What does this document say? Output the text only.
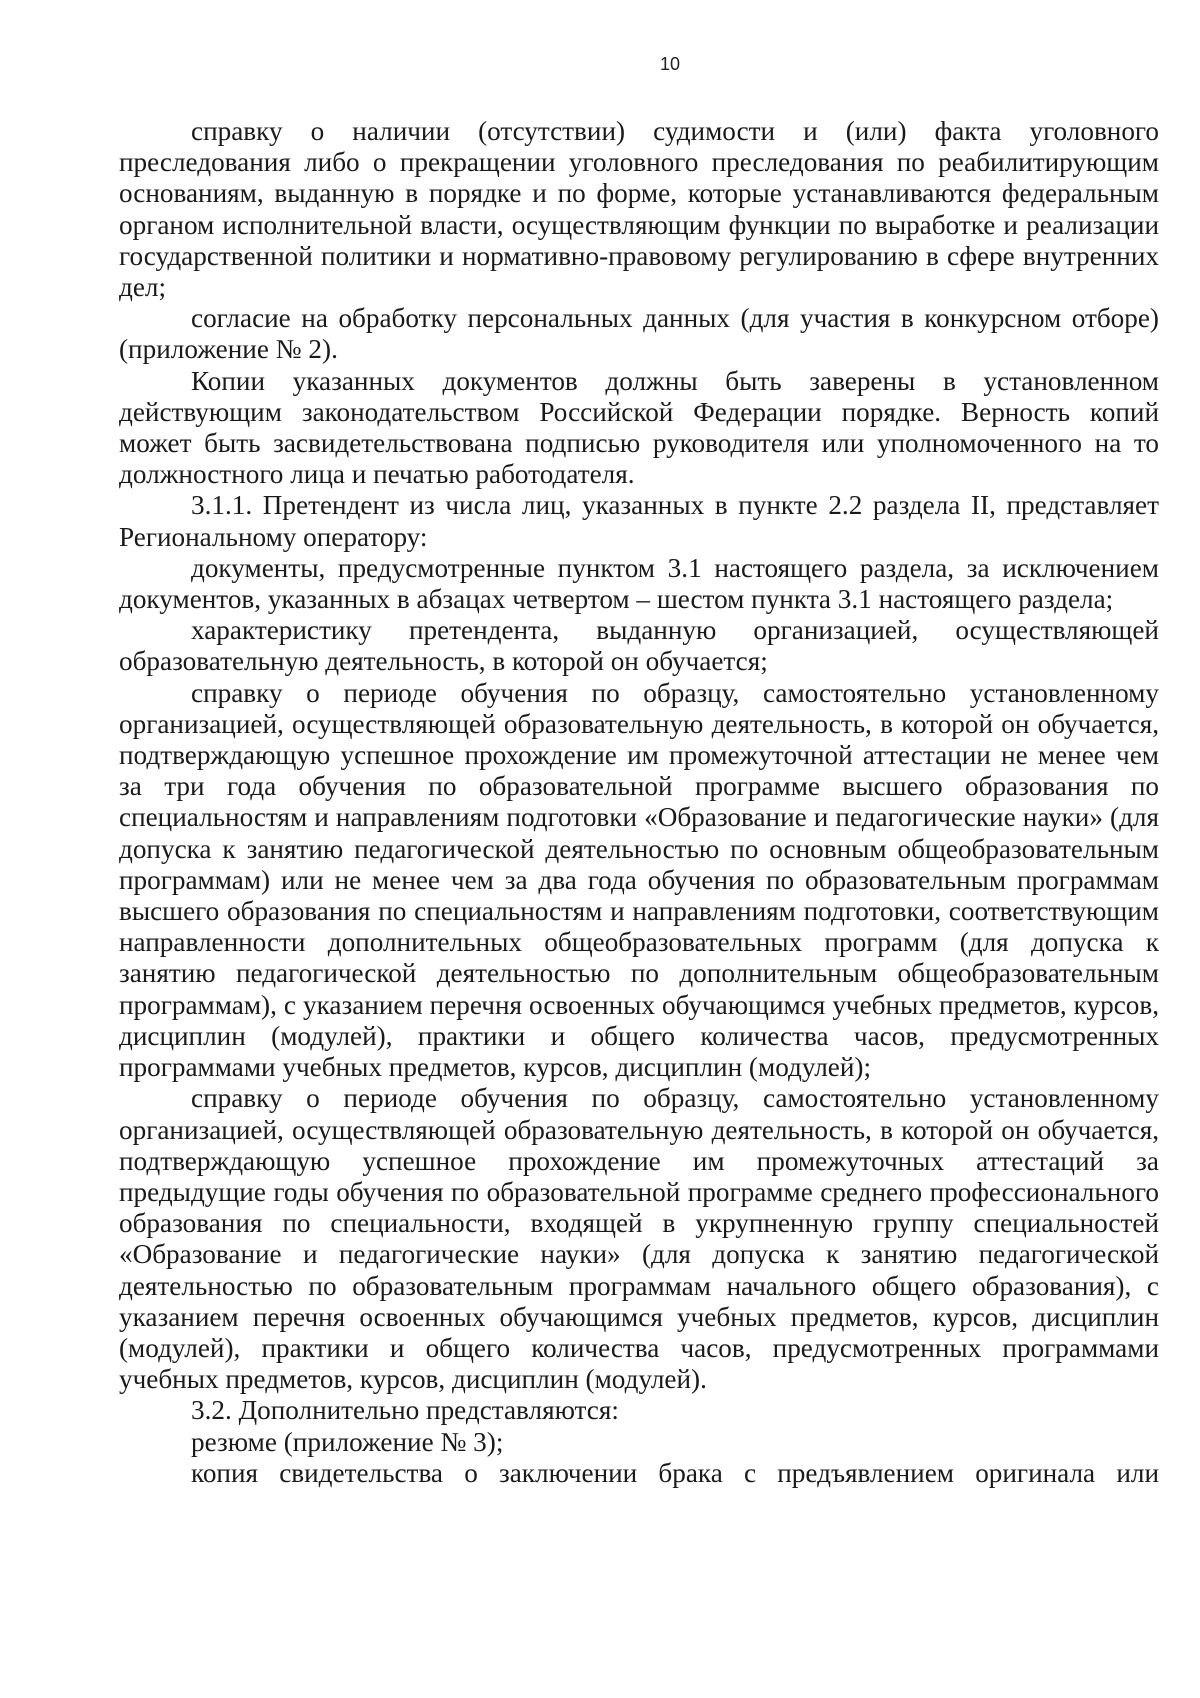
10

справку о наличии (отсутствии) судимости и (или) факта уголовного преследования либо о прекращении уголовного преследования по реабилитирующим основаниям, выданную в порядке и по форме, которые устанавливаются федеральным органом исполнительной власти, осуществляющим функции по выработке и реализации государственной политики и нормативно-правовому регулированию в сфере внутренних дел;

согласие на обработку персональных данных (для участия в конкурсном отборе) (приложение № 2).

Копии указанных документов должны быть заверены в установленном действующим законодательством Российской Федерации порядке. Верность копий может быть засвидетельствована подписью руководителя или уполномоченного на то должностного лица и печатью работодателя.

3.1.1. Претендент из числа лиц, указанных в пункте 2.2 раздела II, представляет Региональному оператору:

документы, предусмотренные пунктом 3.1 настоящего раздела, за исключением документов, указанных в абзацах четвертом – шестом пункта 3.1 настоящего раздела;

характеристику претендента, выданную организацией, осуществляющей образовательную деятельность, в которой он обучается;

справку о периоде обучения по образцу, самостоятельно установленному организацией, осуществляющей образовательную деятельность, в которой он обучается, подтверждающую успешное прохождение им промежуточной аттестации не менее чем за три года обучения по образовательной программе высшего образования по специальностям и направлениям подготовки «Образование и педагогические науки» (для допуска к занятию педагогической деятельностью по основным общеобразовательным программам) или не менее чем за два года обучения по образовательным программам высшего образования по специальностям и направлениям подготовки, соответствующим направленности дополнительных общеобразовательных программ (для допуска к занятию педагогической деятельностью по дополнительным общеобразовательным программам), с указанием перечня освоенных обучающимся учебных предметов, курсов, дисциплин (модулей), практики и общего количества часов, предусмотренных программами учебных предметов, курсов, дисциплин (модулей);

справку о периоде обучения по образцу, самостоятельно установленному организацией, осуществляющей образовательную деятельность, в которой он обучается, подтверждающую успешное прохождение им промежуточных аттестаций за предыдущие годы обучения по образовательной программе среднего профессионального образования по специальности, входящей в укрупненную группу специальностей «Образование и педагогические науки» (для допуска к занятию педагогической деятельностью по образовательным программам начального общего образования), с указанием перечня освоенных обучающимся учебных предметов, курсов, дисциплин (модулей), практики и общего количества часов, предусмотренных программами учебных предметов, курсов, дисциплин (модулей).

3.2. Дополнительно представляются:

резюме (приложение № 3);

копия свидетельства о заключении брака с предъявлением оригинала или
